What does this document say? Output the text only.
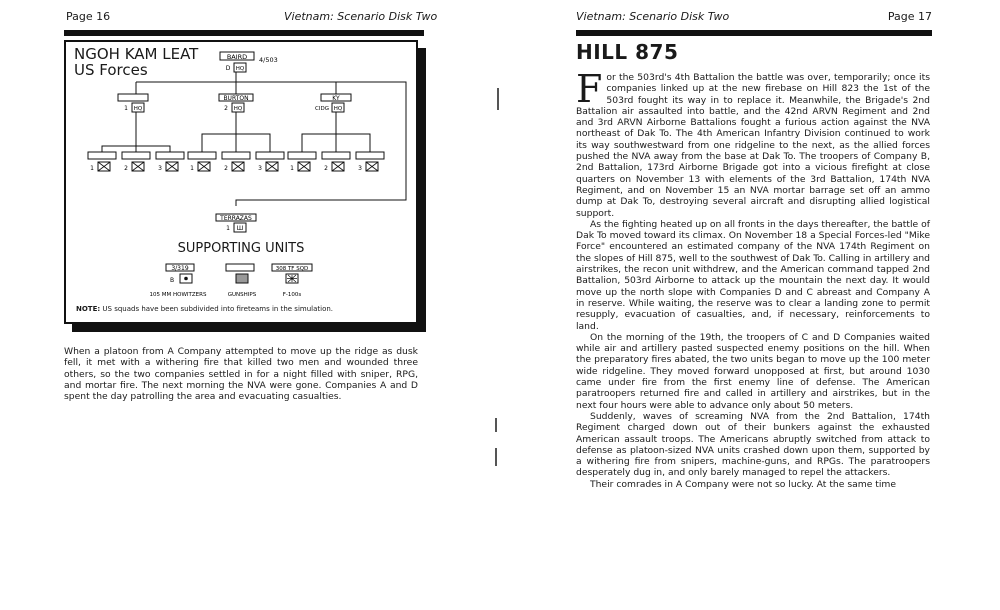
Page 16	Vietnam: Scenario Disk Two
NGOH KAM LEAT
US Forces
BAIRD
D HQ
4/503
1 HQ
BURTON
2 HQ
KY
CIDG HQ
1	2	3	1	2	3	1	2	3
TERRAZAS
1 Ш
3/319
B
105 MM HOWITZERS	GUNSHIPS
308 TF SQD
F-100s
SUPPORTING UNITS
NOTE: US squads have been subdivided into fireteams in the simulation.
When a platoon from A Company attempted to move up the ridge as dusk fell, it met with a withering fire that killed two men and wounded three others, so the two companies settled in for a night filled with sniper, RPG, and mortar fire. The next morning the NVA were gone. Companies A and D spent the day patrolling the area and evacuating casualties.
Vietnam: Scenario Disk Two	Page 17
HILL 875

For the 503rd's 4th Battalion the battle was over, temporarily; once its companies linked up at the new firebase on Hill 823 the 1st of the 503rd fought its way in to replace it. Meanwhile, the Brigade's 2nd Battalion air assaulted into battle, and the 42nd ARVN Regiment and 2nd and 3rd ARVN Airborne Battalions fought a furious action against the NVA northeast of Dak To. The 4th American Infantry Division continued to work its way southwestward from one ridgeline to the next, as the allied forces pushed the NVA away from the base at Dak To. The troopers of Company B, 2nd Battalion, 173rd Airborne Brigade got into a vicious firefight at close quarters on November 13 with elements of the 3rd Battalion, 174th NVA Regiment, and on November 15 an NVA mortar barrage set off an ammo dump at Dak To, destroying several aircraft and disrupting allied logistical support.

As the fighting heated up on all fronts in the days thereafter, the battle of Dak To moved toward its climax. On November 18 a Special Forces-led "Mike Force" encountered an estimated company of the NVA 174th Regiment on the slopes of Hill 875, well to the southwest of Dak To. Calling in artillery and airstrikes, the recon unit withdrew, and the American command tapped 2nd Battalion, 503rd Airborne to attack up the mountain the next day. It would move up the north slope with Companies D and C abreast and Company A in reserve. While waiting, the reserve was to clear a landing zone to permit resupply, evacuation of casualties, and, if necessary, reinforcements to land.

On the morning of the 19th, the troopers of C and D Companies waited while air and artillery pasted suspected enemy positions on the hill. When the preparatory fires abated, the two units began to move up the 100 meter wide ridgeline. They moved forward unopposed at first, but around 1030 came under fire from the first enemy line of defense. The American paratroopers returned fire and called in artillery and airstrikes, but in the next four hours were able to advance only about 50 meters.

Suddenly, waves of screaming NVA from the 2nd Battalion, 174th Regiment charged down out of their bunkers against the exhausted American assault troops. The Americans abruptly switched from attack to defense as platoon-sized NVA units crashed down upon them, supported by a withering fire from snipers, machine-guns, and RPGs. The paratroopers desperately dug in, and only barely managed to repel the attackers.

Their comrades in A Company were not so lucky. At the same time
